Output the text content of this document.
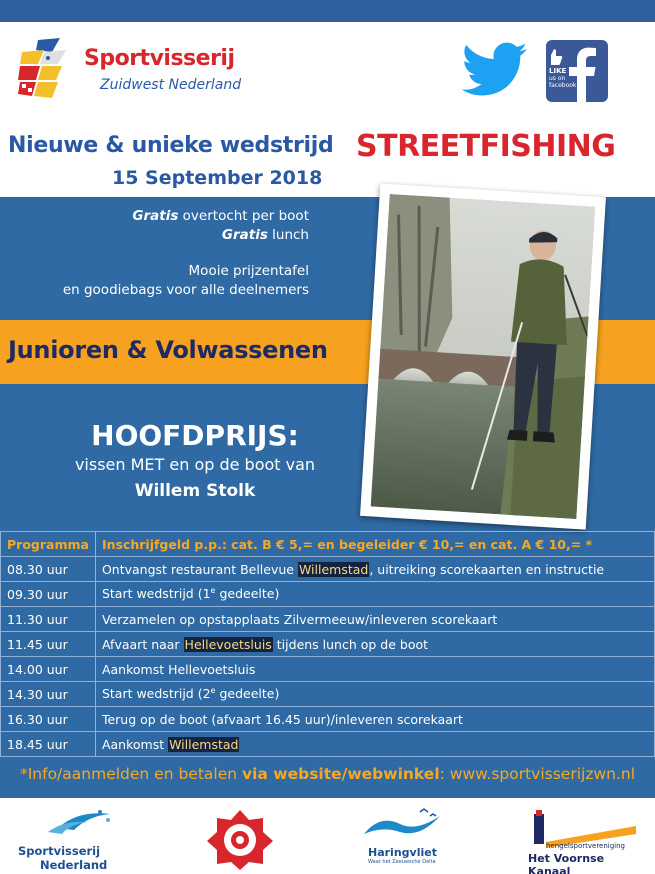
Sportvisserij
Zuidwest Nederland
LIKE
us on
facebook
Nieuwe & unieke wedstrijd STREETFISHING
15 September 2018
Gratis overtocht per boot
Gratis lunch
Mooie prijzentafel
en goodiebags voor alle deelnemers
Junioren & Volwassenen
HOOFDPRIJS:
vissen MET en op de boot van
Willem Stolk
Programma	Inschrijfgeld p.p.: cat. B € 5,= en begeleider € 10,= en cat. A € 10,= *
08.30 uur	Ontvangst restaurant Bellevue Willemstad, uitreiking scorekaarten en instructie
09.30 uur	Start wedstrijd (1e gedeelte)
11.30 uur	Verzamelen op opstapplaats Zilvermeeuw/inleveren scorekaart
11.45 uur	Afvaart naar Hellevoetsluis tijdens lunch op de boot
14.00 uur	Aankomst Hellevoetsluis
14.30 uur	Start wedstrijd (2e gedeelte)
16.30 uur	Terug op de boot (afvaart 16.45 uur)/inleveren scorekaart
18.45 uur	Aankomst Willemstad
*Info/aanmelden en betalen via website/webwinkel: www.sportvisserijzwn.nl
Sportvisserij
Nederland
Haringvliet
Waar het Zeeuwsche Delta
hengelsportvereniging
Het Voornse Kanaal
